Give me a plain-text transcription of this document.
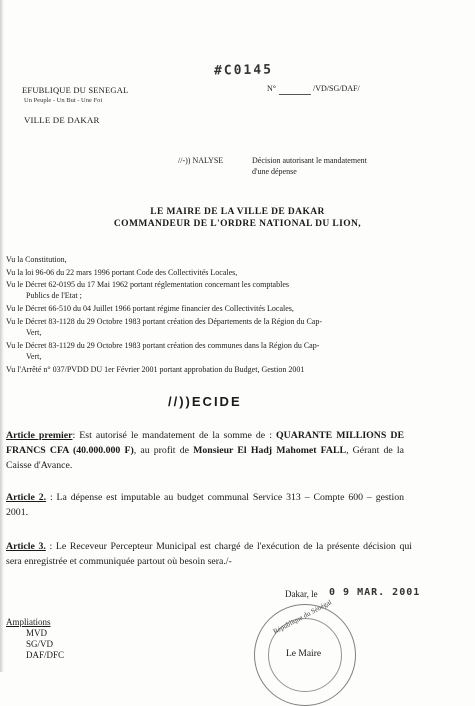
EFUBLIQUE DU SENEGAL
Un Peuple - Un But - Une Foi
VILLE DE DAKAR
#C0145
N°	/VD/SG/DAF/
//-)) NALYSE	Décision autorisant le mandatement
d'une dépense
LE MAIRE DE LA VILLE DE DAKAR
COMMANDEUR DE L'ORDRE NATIONAL DU LION,
Vu la Constitution,
Vu la loi 96-06 du 22 mars 1996 portant Code des Collectivités Locales,
Vu le Décret 62-0195 du 17 Mai 1962 portant réglementation concernant les comptables
Publics de l'Etat ;
Vu le Décret 66-510 du 04 Juillet 1966 portant régime financier des Collectivités Locales,
Vu le Décret 83-1128 du 29 Octobre 1983 portant création des Départements de la Région du Cap-
Vert,
Vu le Décret 83-1129 du 29 Octobre 1983 portant création des communes dans la Région du Cap-
Vert,
Vu l'Arrêté n° 037/PVDD DU 1er Février 2001 portant approbation du Budget, Gestion 2001
//))ECIDE
Article premier: Est autorisé le mandatement de la somme de : QUARANTE MILLIONS DE FRANCS CFA (40.000.000 F), au profit de Monsieur El Hadj Mahomet FALL, Gérant de la Caisse d'Avance.
Article 2. : La dépense est imputable au budget communal Service 313 – Compte 600 – gestion 2001.
Article 3. : Le Receveur Percepteur Municipal est chargé de l'exécution de la présente décision qui sera enregistrée et communiquée partout où besoin sera./-
Dakar, le 0 9 MAR. 2001
République du Sénégal
Le Maire
Ampliations
MVD
SG/VD
DAF/DFC
